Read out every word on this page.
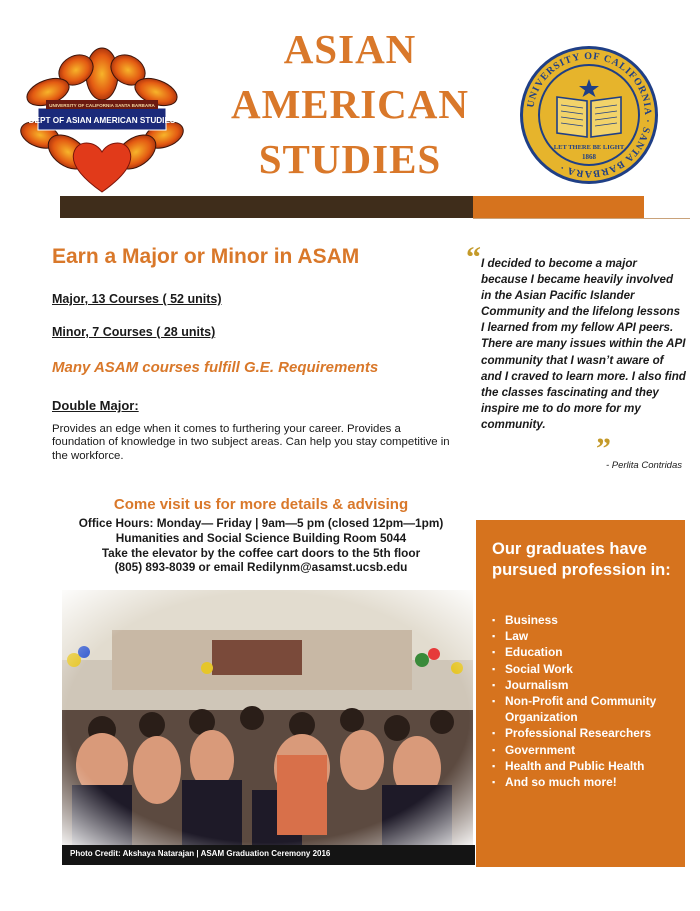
UNIVERSITY OF CALIFORNIA SANTA BARBARA
DEPT OF ASIAN AMERICAN STUDIES
ASIAN
AMERICAN
STUDIES
UNIVERSITY OF CALIFORNIA · SANTA BARBARA ·
LET THERE BE LIGHT
1868
Earn a Major or Minor in ASAM
Major, 13 Courses ( 52 units)
Minor, 7 Courses ( 28 units)
Many ASAM courses fulfill G.E. Requirements
Double Major:
Provides an edge when it comes to furthering your career. Provides a foundation of knowledge in two subject areas. Can help you stay competitive in the workforce.
Come visit us for more details & advising
Office Hours: Monday— Friday | 9am—5 pm (closed 12pm—1pm)
Humanities and Social Science Building Room 5044
Take the elevator by the coffee cart doors to the 5th floor
(805) 893-8039 or email Redilynm@asamst.ucsb.edu
Photo Credit: Akshaya Natarajan | ASAM Graduation Ceremony 2016
“ I decided to become a major because I became heavily involved in the Asian Pacific Islander Community and the lifelong lessons I learned from my fellow API peers. There are many issues within the API community that I wasn’t aware of and I craved to learn more. I also find the classes fascinating and they inspire me to do more for my community.
”
- Perlita Contridas
Our graduates have pursued profession in:
▪ Business
▪ Law
▪ Education
▪ Social Work
▪ Journalism
▪ Non-Profit and Community Organization
▪ Professional Researchers
▪ Government
▪ Health and Public Health
▪ And so much more!
